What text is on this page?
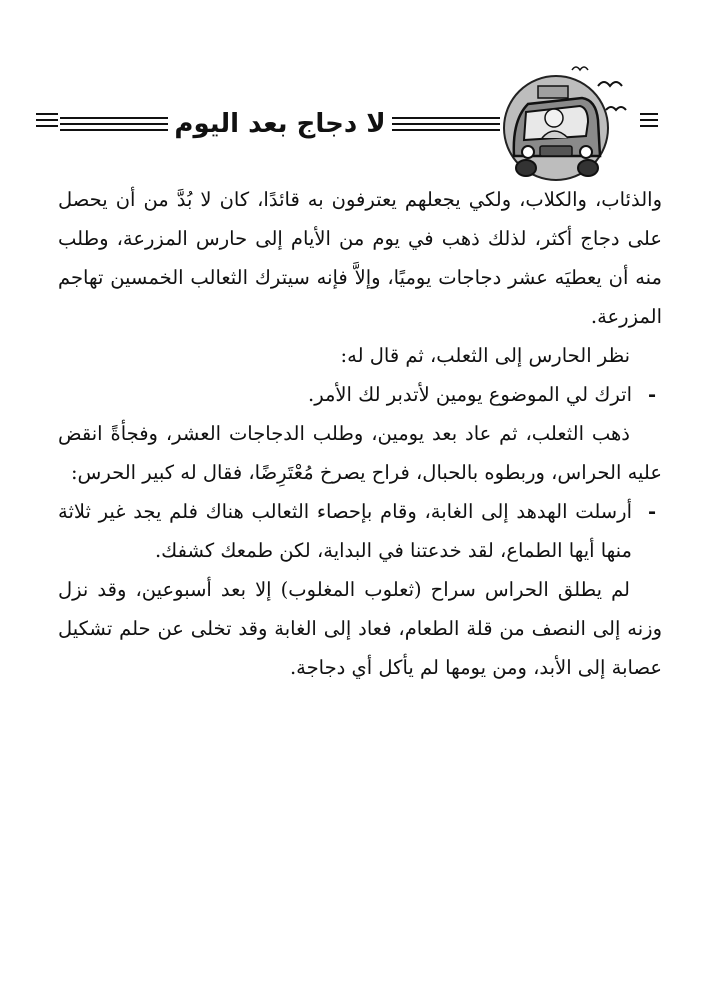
لا دجاج بعد اليوم

والذئاب، والكلاب، ولكي يجعلهم يعترفون به قائدًا، كان لا بُدَّ من أن يحصل على دجاج أكثر، لذلك ذهب في يوم من الأيام إلى حارس المزرعة، وطلب منه أن يعطيَه عشر دجاجات يوميًا، وإلاَّ فإنه سيترك الثعالب الخمسين تهاجم المزرعة.

نظر الحارس إلى الثعلب، ثم قال له:

-
اترك لي الموضوع يومين لأتدبر لك الأمر.

ذهب الثعلب، ثم عاد بعد يومين، وطلب الدجاجات العشر، وفجأةً انقض عليه الحراس، وربطوه بالحبال، فراح يصرخ مُعْتَرِضًا، فقال له كبير الحرس:

-
أرسلت الهدهد إلى الغابة، وقام بإحصاء الثعالب هناك فلم يجد غير ثلاثة منها أيها الطماع، لقد خدعتنا في البداية، لكن طمعك كشفك.

لم يطلق الحراس سراح (ثعلوب المغلوب) إلا بعد أسبوعين، وقد نزل وزنه إلى النصف من قلة الطعام، فعاد إلى الغابة وقد تخلى عن حلم تشكيل عصابة إلى الأبد، ومن يومها لم يأكل أي دجاجة.
